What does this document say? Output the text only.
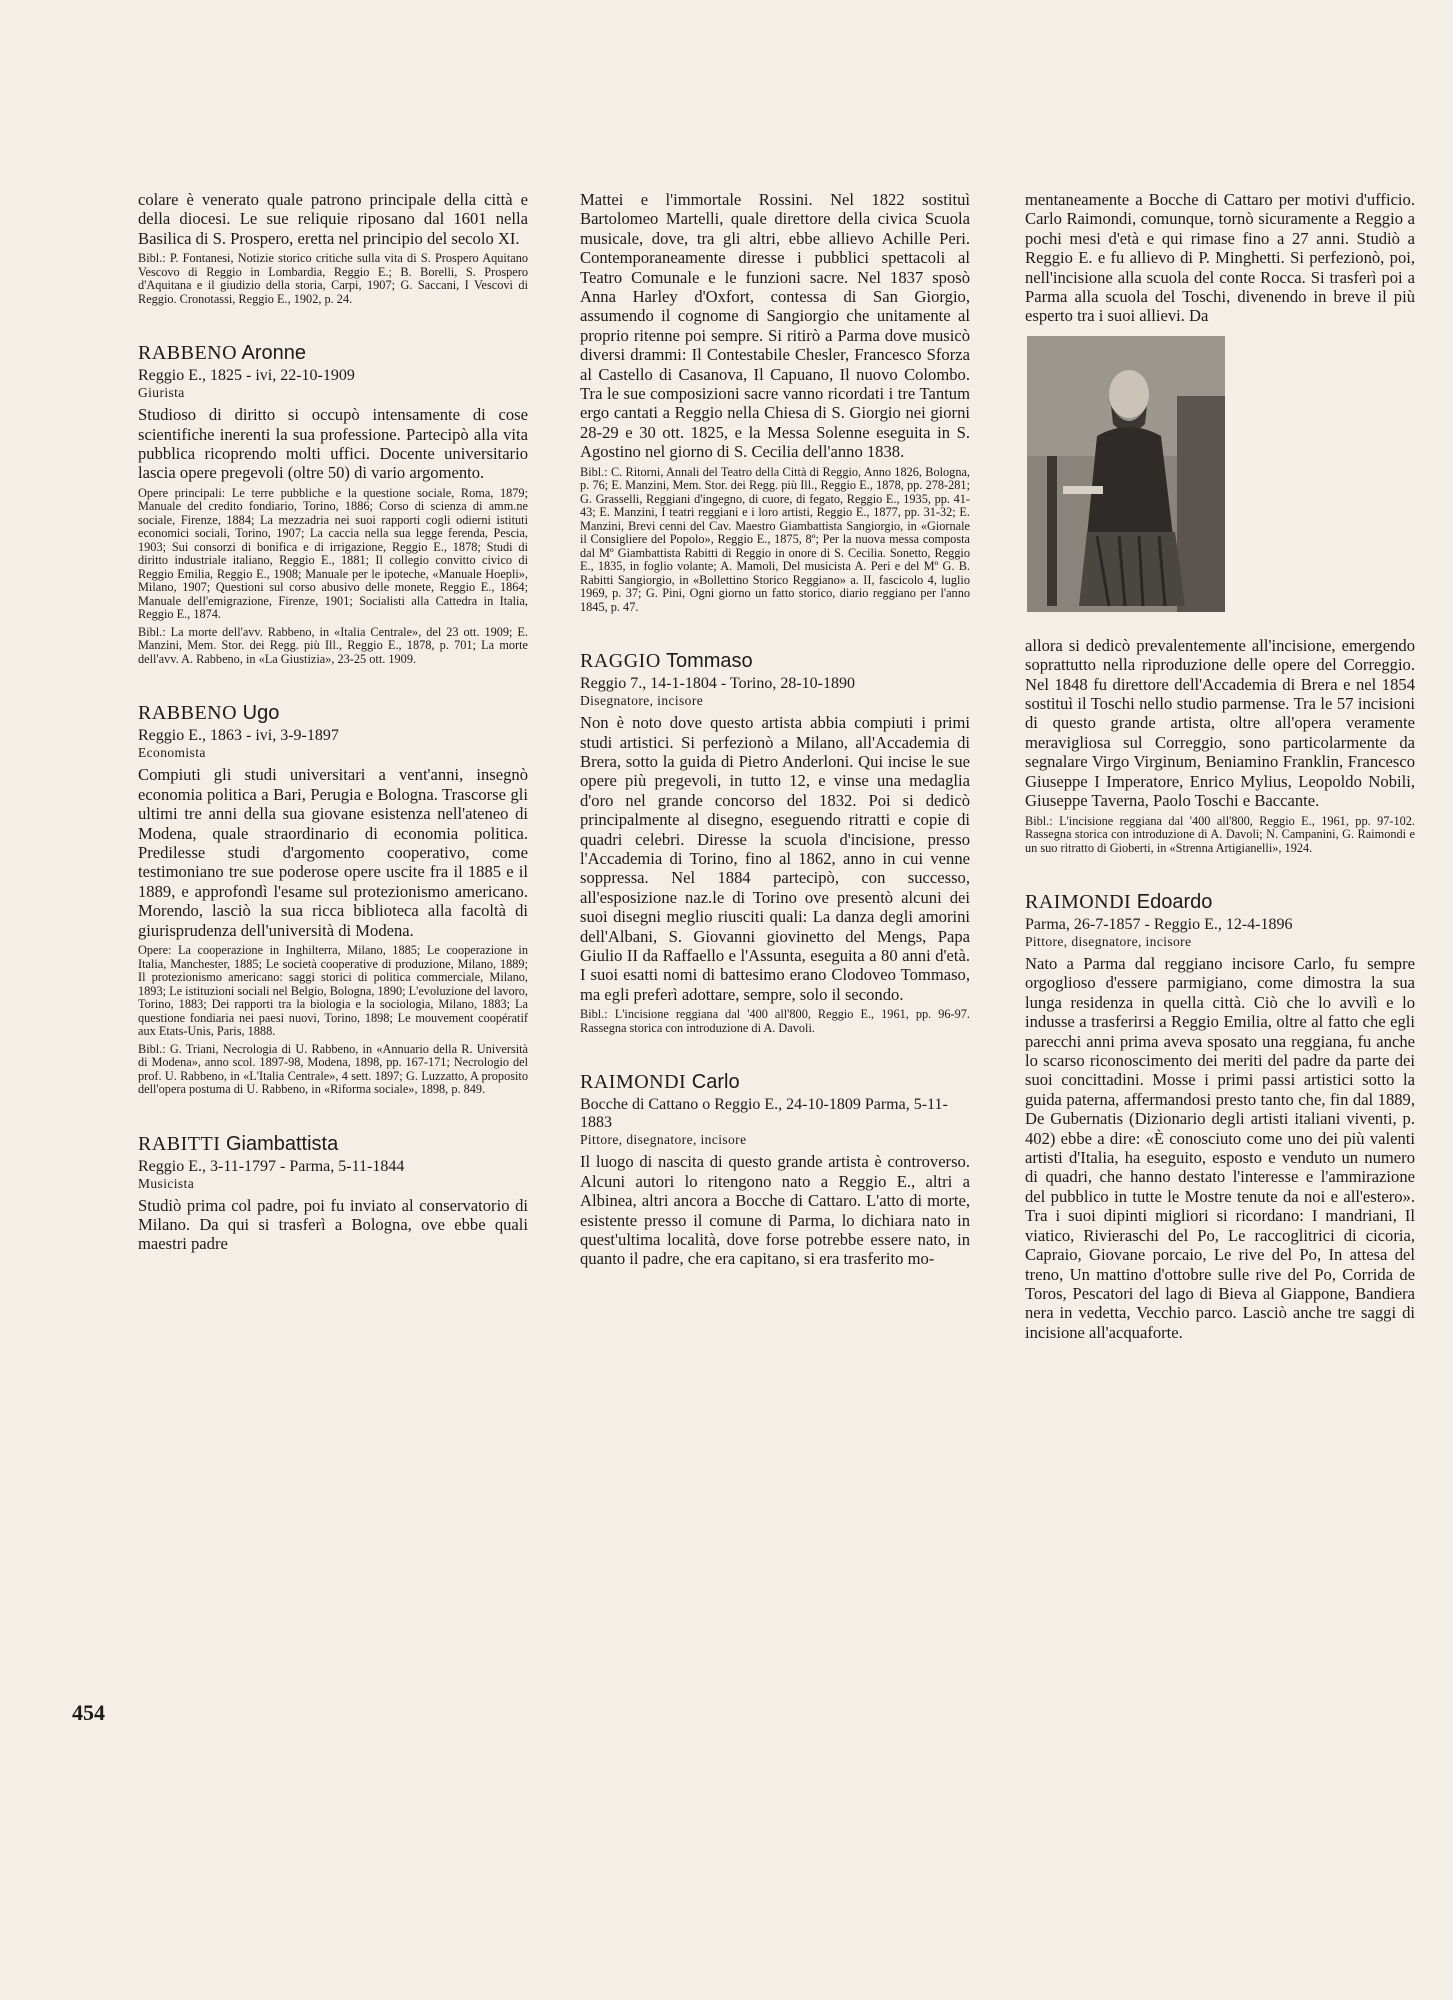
454

colare è venerato quale patrono principale della città e della diocesi. Le sue reliquie riposano dal 1601 nella Basilica di S. Prospero, eretta nel principio del secolo XI.

Bibl.: P. Fontanesi, Notizie storico critiche sulla vita di S. Prospero Aquitano Vescovo di Reggio in Lombardia, Reggio E.; B. Borelli, S. Prospero d'Aquitana e il giudizio della storia, Carpi, 1907; G. Saccani, I Vescovi di Reggio. Cronotassi, Reggio E., 1902, p. 24.

RABBENO Aronne

Reggio E., 1825 - ivi, 22-10-1909

Giurista

Studioso di diritto si occupò intensamente di cose scientifiche inerenti la sua professione. Partecipò alla vita pubblica ricoprendo molti uffici. Docente universitario lascia opere pregevoli (oltre 50) di vario argomento.

Opere principali: Le terre pubbliche e la questione sociale, Roma, 1879; Manuale del credito fondiario, Torino, 1886; Corso di scienza di amm.ne sociale, Firenze, 1884; La mezzadria nei suoi rapporti cogli odierni istituti economici sociali, Torino, 1907; La caccia nella sua legge ferenda, Pescia, 1903; Sui consorzi di bonifica e di irrigazione, Reggio E., 1878; Studi di diritto industriale italiano, Reggio E., 1881; Il collegio convitto civico di Reggio Emilia, Reggio E., 1908; Manuale per le ipoteche, «Manuale Hoepli», Milano, 1907; Questioni sul corso abusivo delle monete, Reggio E., 1864; Manuale dell'emigrazione, Firenze, 1901; Socialisti alla Cattedra in Italia, Reggio E., 1874.

Bibl.: La morte dell'avv. Rabbeno, in «Italia Centrale», del 23 ott. 1909; E. Manzini, Mem. Stor. dei Regg. più Ill., Reggio E., 1878, p. 701; La morte dell'avv. A. Rabbeno, in «La Giustizia», 23-25 ott. 1909.

RABBENO Ugo

Reggio E., 1863 - ivi, 3-9-1897

Economista

Compiuti gli studi universitari a vent'anni, insegnò economia politica a Bari, Perugia e Bologna. Trascorse gli ultimi tre anni della sua giovane esistenza nell'ateneo di Modena, quale straordinario di economia politica. Predilesse studi d'argomento cooperativo, come testimoniano tre sue poderose opere uscite fra il 1885 e il 1889, e approfondì l'esame sul protezionismo americano. Morendo, lasciò la sua ricca biblioteca alla facoltà di giurisprudenza dell'università di Modena.

Opere: La cooperazione in Inghilterra, Milano, 1885; Le cooperazione in Italia, Manchester, 1885; Le società cooperative di produzione, Milano, 1889; Il protezionismo americano: saggi storici di politica commerciale, Milano, 1893; Le istituzioni sociali nel Belgio, Bologna, 1890; L'evoluzione del lavoro, Torino, 1883; Dei rapporti tra la biologia e la sociologia, Milano, 1883; La questione fondiaria nei paesi nuovi, Torino, 1898; Le mouvement coopératif aux Etats-Unis, Paris, 1888.

Bibl.: G. Triani, Necrologia di U. Rabbeno, in «Annuario della R. Università di Modena», anno scol. 1897-98, Modena, 1898, pp. 167-171; Necrologio del prof. U. Rabbeno, in «L'Italia Centrale», 4 sett. 1897; G. Luzzatto, A proposito dell'opera postuma di U. Rabbeno, in «Riforma sociale», 1898, p. 849.

RABITTI Giambattista

Reggio E., 3-11-1797 - Parma, 5-11-1844

Musicista

Studiò prima col padre, poi fu inviato al conservatorio di Milano. Da qui si trasferì a Bologna, ove ebbe quali maestri padre

Mattei e l'immortale Rossini. Nel 1822 sostituì Bartolomeo Martelli, quale direttore della civica Scuola musicale, dove, tra gli altri, ebbe allievo Achille Peri. Contemporaneamente diresse i pubblici spettacoli al Teatro Comunale e le funzioni sacre. Nel 1837 sposò Anna Harley d'Oxfort, contessa di San Giorgio, assumendo il cognome di Sangiorgio che unitamente al proprio ritenne poi sempre. Si ritirò a Parma dove musicò diversi drammi: Il Contestabile Chesler, Francesco Sforza al Castello di Casanova, Il Capuano, Il nuovo Colombo. Tra le sue composizioni sacre vanno ricordati i tre Tantum ergo cantati a Reggio nella Chiesa di S. Giorgio nei giorni 28-29 e 30 ott. 1825, e la Messa Solenne eseguita in S. Agostino nel giorno di S. Cecilia dell'anno 1838.

Bibl.: C. Ritorni, Annali del Teatro della Città di Reggio, Anno 1826, Bologna, p. 76; E. Manzini, Mem. Stor. dei Regg. più Ill., Reggio E., 1878, pp. 278-281; G. Grasselli, Reggiani d'ingegno, di cuore, di fegato, Reggio E., 1935, pp. 41-43; E. Manzini, I teatri reggiani e i loro artisti, Reggio E., 1877, pp. 31-32; E. Manzini, Brevi cenni del Cav. Maestro Giambattista Sangiorgio, in «Giornale il Consigliere del Popolo», Reggio E., 1875, 8º; Per la nuova messa composta dal Mº Giambattista Rabitti di Reggio in onore di S. Cecilia. Sonetto, Reggio E., 1835, in foglio volante; A. Mamoli, Del musicista A. Peri e del Mº G. B. Rabitti Sangiorgio, in «Bollettino Storico Reggiano» a. II, fascicolo 4, luglio 1969, p. 37; G. Pini, Ogni giorno un fatto storico, diario reggiano per l'anno 1845, p. 47.

RAGGIO Tommaso

Reggio 7., 14-1-1804 - Torino, 28-10-1890

Disegnatore, incisore

Non è noto dove questo artista abbia compiuti i primi studi artistici. Si perfezionò a Milano, all'Accademia di Brera, sotto la guida di Pietro Anderloni. Qui incise le sue opere più pregevoli, in tutto 12, e vinse una medaglia d'oro nel grande concorso del 1832. Poi si dedicò principalmente al disegno, eseguendo ritratti e copie di quadri celebri. Diresse la scuola d'incisione, presso l'Accademia di Torino, fino al 1862, anno in cui venne soppressa. Nel 1884 partecipò, con successo, all'esposizione naz.le di Torino ove presentò alcuni dei suoi disegni meglio riusciti quali: La danza degli amorini dell'Albani, S. Giovanni giovinetto del Mengs, Papa Giulio II da Raffaello e l'Assunta, eseguita a 80 anni d'età. I suoi esatti nomi di battesimo erano Clodoveo Tommaso, ma egli preferì adottare, sempre, solo il secondo.

Bibl.: L'incisione reggiana dal '400 all'800, Reggio E., 1961, pp. 96-97. Rassegna storica con introduzione di A. Davoli.

RAIMONDI Carlo

Bocche di Cattano o Reggio E., 24-10-1809 Parma, 5-11-1883

Pittore, disegnatore, incisore

Il luogo di nascita di questo grande artista è controverso. Alcuni autori lo ritengono nato a Reggio E., altri a Albinea, altri ancora a Bocche di Cattaro. L'atto di morte, esistente presso il comune di Parma, lo dichiara nato in quest'ultima località, dove forse potrebbe essere nato, in quanto il padre, che era capitano, si era trasferito mo-

mentaneamente a Bocche di Cattaro per motivi d'ufficio. Carlo Raimondi, comunque, tornò sicuramente a Reggio a pochi mesi d'età e qui rimase fino a 27 anni. Studiò a Reggio E. e fu allievo di P. Minghetti. Si perfezionò, poi, nell'incisione alla scuola del conte Rocca. Si trasferì poi a Parma alla scuola del Toschi, divenendo in breve il più esperto tra i suoi allievi. Da

allora si dedicò prevalentemente all'incisione, emergendo soprattutto nella riproduzione delle opere del Correggio. Nel 1848 fu direttore dell'Accademia di Brera e nel 1854 sostituì il Toschi nello studio parmense. Tra le 57 incisioni di questo grande artista, oltre all'opera veramente meravigliosa sul Correggio, sono particolarmente da segnalare Virgo Virginum, Beniamino Franklin, Francesco Giuseppe I Imperatore, Enrico Mylius, Leopoldo Nobili, Giuseppe Taverna, Paolo Toschi e Baccante.

Bibl.: L'incisione reggiana dal '400 all'800, Reggio E., 1961, pp. 97-102. Rassegna storica con introduzione di A. Davoli; N. Campanini, G. Raimondi e un suo ritratto di Gioberti, in «Strenna Artigianelli», 1924.

RAIMONDI Edoardo

Parma, 26-7-1857 - Reggio E., 12-4-1896

Pittore, disegnatore, incisore

Nato a Parma dal reggiano incisore Carlo, fu sempre orgoglioso d'essere parmigiano, come dimostra la sua lunga residenza in quella città. Ciò che lo avvilì e lo indusse a trasferirsi a Reggio Emilia, oltre al fatto che egli parecchi anni prima aveva sposato una reggiana, fu anche lo scarso riconoscimento dei meriti del padre da parte dei suoi concittadini. Mosse i primi passi artistici sotto la guida paterna, affermandosi presto tanto che, fin dal 1889, De Gubernatis (Dizionario degli artisti italiani viventi, p. 402) ebbe a dire: «È conosciuto come uno dei più valenti artisti d'Italia, ha eseguito, esposto e venduto un numero di quadri, che hanno destato l'interesse e l'ammirazione del pubblico in tutte le Mostre tenute da noi e all'estero». Tra i suoi dipinti migliori si ricordano: I mandriani, Il viatico, Rivieraschi del Po, Le raccoglitrici di cicoria, Capraio, Giovane porcaio, Le rive del Po, In attesa del treno, Un mattino d'ottobre sulle rive del Po, Corrida de Toros, Pescatori del lago di Bieva al Giappone, Bandiera nera in vedetta, Vecchio parco. Lasciò anche tre saggi di incisione all'acquaforte.
